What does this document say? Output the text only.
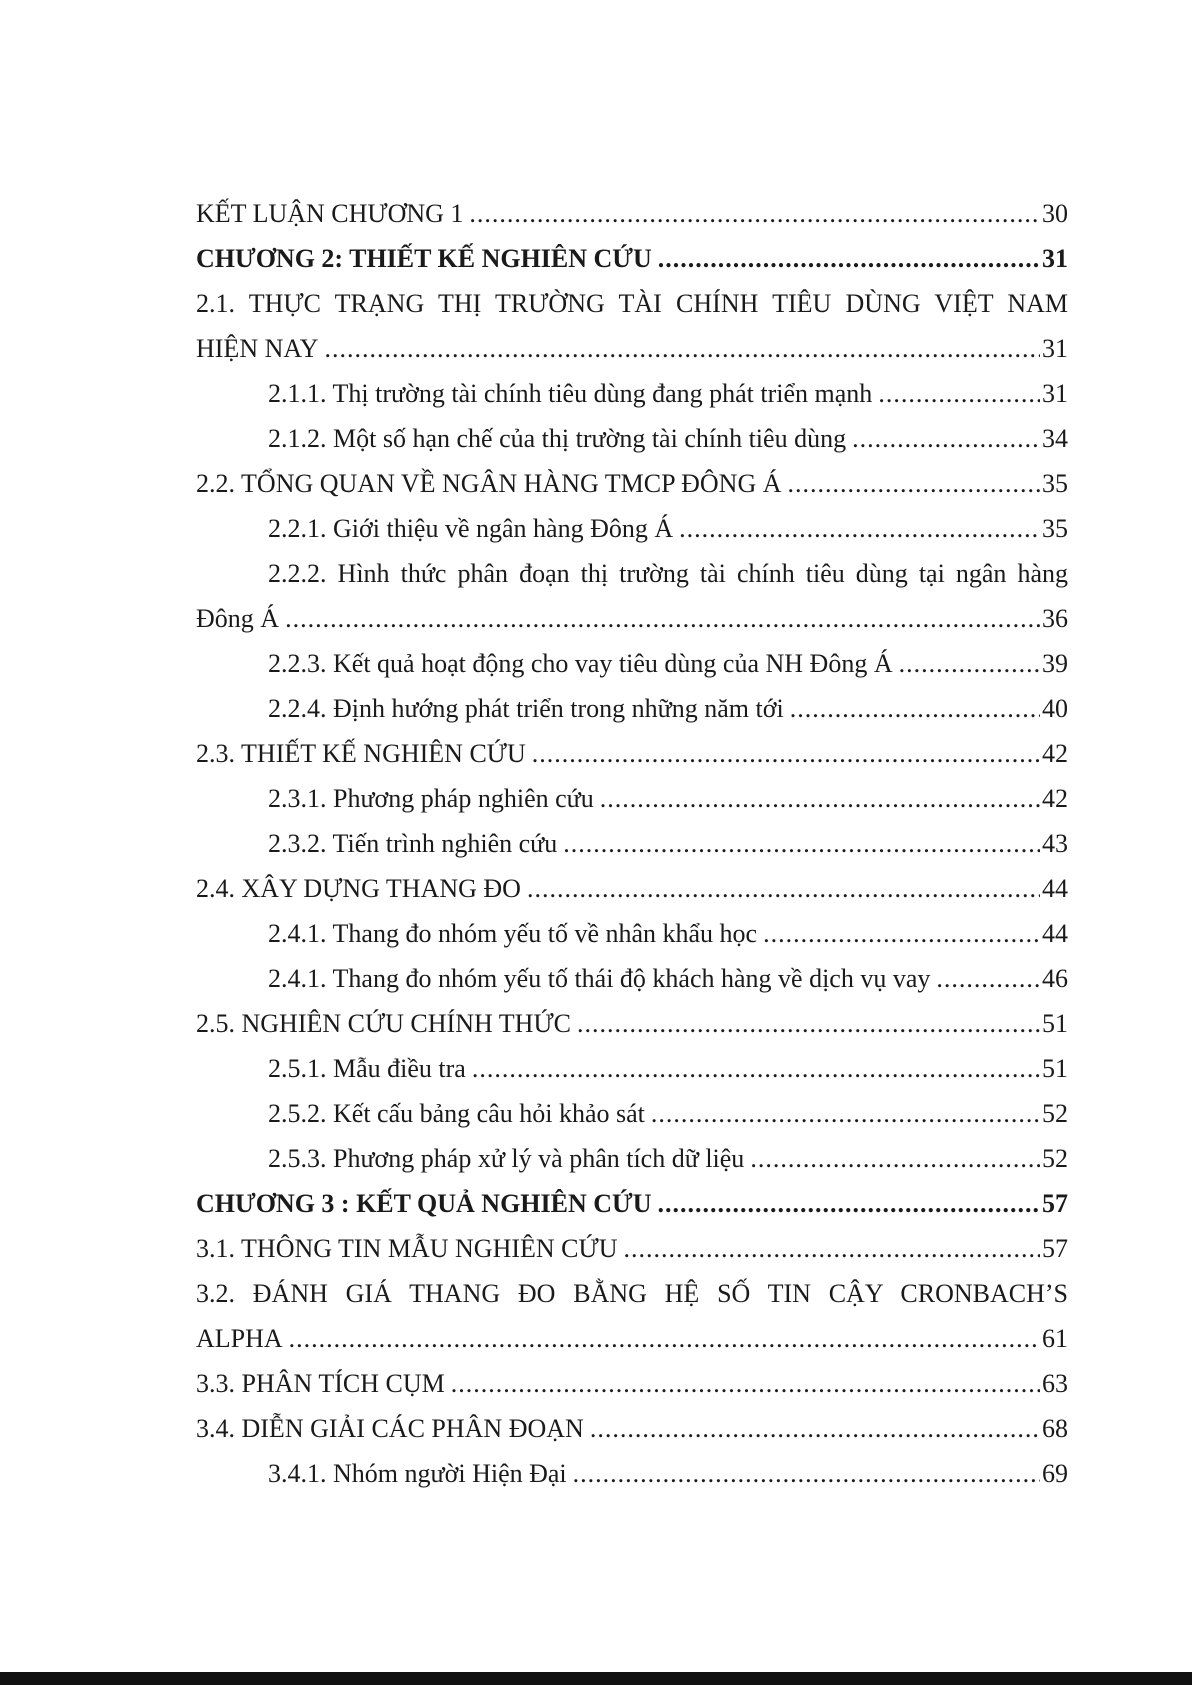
KẾT LUẬN CHƯƠNG 1 .....	30
CHƯƠNG 2: THIẾT KẾ NGHIÊN CỨU .....	31
2.1. THỰC TRẠNG THỊ TRƯỜNG TÀI CHÍNH TIÊU DÙNG VIỆT NAM
HIỆN NAY .....	31
2.1.1. Thị trường tài chính tiêu dùng đang phát triển mạnh .....	31
2.1.2. Một số hạn chế của thị trường tài chính tiêu dùng .....	34
2.2. TỔNG QUAN VỀ NGÂN HÀNG TMCP ĐÔNG Á .....	35
2.2.1. Giới thiệu về ngân hàng Đông Á .....	35
2.2.2. Hình thức phân đoạn thị trường tài chính tiêu dùng tại ngân hàng
Đông Á .....	36
2.2.3. Kết quả hoạt động cho vay tiêu dùng của NH Đông Á .....	39
2.2.4. Định hướng phát triển trong những năm tới .....	40
2.3. THIẾT KẾ NGHIÊN CỨU .....	42
2.3.1. Phương pháp nghiên cứu .....	42
2.3.2. Tiến trình nghiên cứu .....	43
2.4. XÂY DỰNG THANG ĐO .....	44
2.4.1. Thang đo nhóm yếu tố về nhân khẩu học .....	44
2.4.1. Thang đo nhóm yếu tố thái độ khách hàng về dịch vụ vay .....	46
2.5. NGHIÊN CỨU CHÍNH THỨC .....	51
2.5.1. Mẫu điều tra .....	51
2.5.2. Kết cấu bảng câu hỏi khảo sát .....	52
2.5.3. Phương pháp xử lý và phân tích dữ liệu .....	52
CHƯƠNG 3 : KẾT QUẢ NGHIÊN CỨU .....	57
3.1. THÔNG TIN MẪU NGHIÊN CỨU .....	57
3.2. ĐÁNH GIÁ THANG ĐO BẰNG HỆ SỐ TIN CẬY CRONBACH’S
ALPHA .....	61
3.3. PHÂN TÍCH CỤM .....	63
3.4. DIỄN GIẢI CÁC PHÂN ĐOẠN .....	68
3.4.1. Nhóm người Hiện Đại .....	69
